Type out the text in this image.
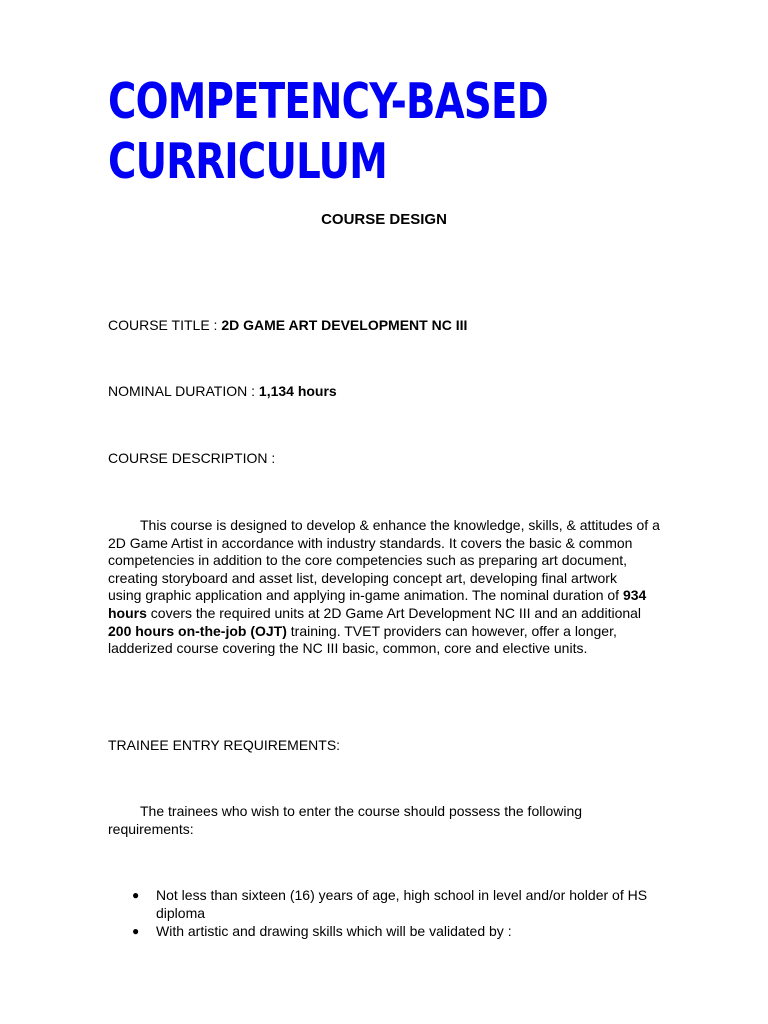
COMPETENCY-BASED
CURRICULUM
COURSE DESIGN
COURSE TITLE : 2D GAME ART DEVELOPMENT NC III
NOMINAL DURATION : 1,134 hours
COURSE DESCRIPTION :
This course is designed to develop & enhance the knowledge, skills, & attitudes of a
2D Game Artist in accordance with industry standards. It covers the basic & common
competencies in addition to the core competencies such as preparing art document,
creating storyboard and asset list, developing concept art, developing final artwork
using graphic application and applying in-game animation. The nominal duration of 934
hours covers the required units at 2D Game Art Development NC III and an additional
200 hours on-the-job (OJT) training. TVET providers can however, offer a longer,
ladderized course covering the NC III basic, common, core and elective units.
TRAINEE ENTRY REQUIREMENTS:
The trainees who wish to enter the course should possess the following
requirements:
● Not less than sixteen (16) years of age, high school in level and/or holder of HS
diploma
● With artistic and drawing skills which will be validated by :
